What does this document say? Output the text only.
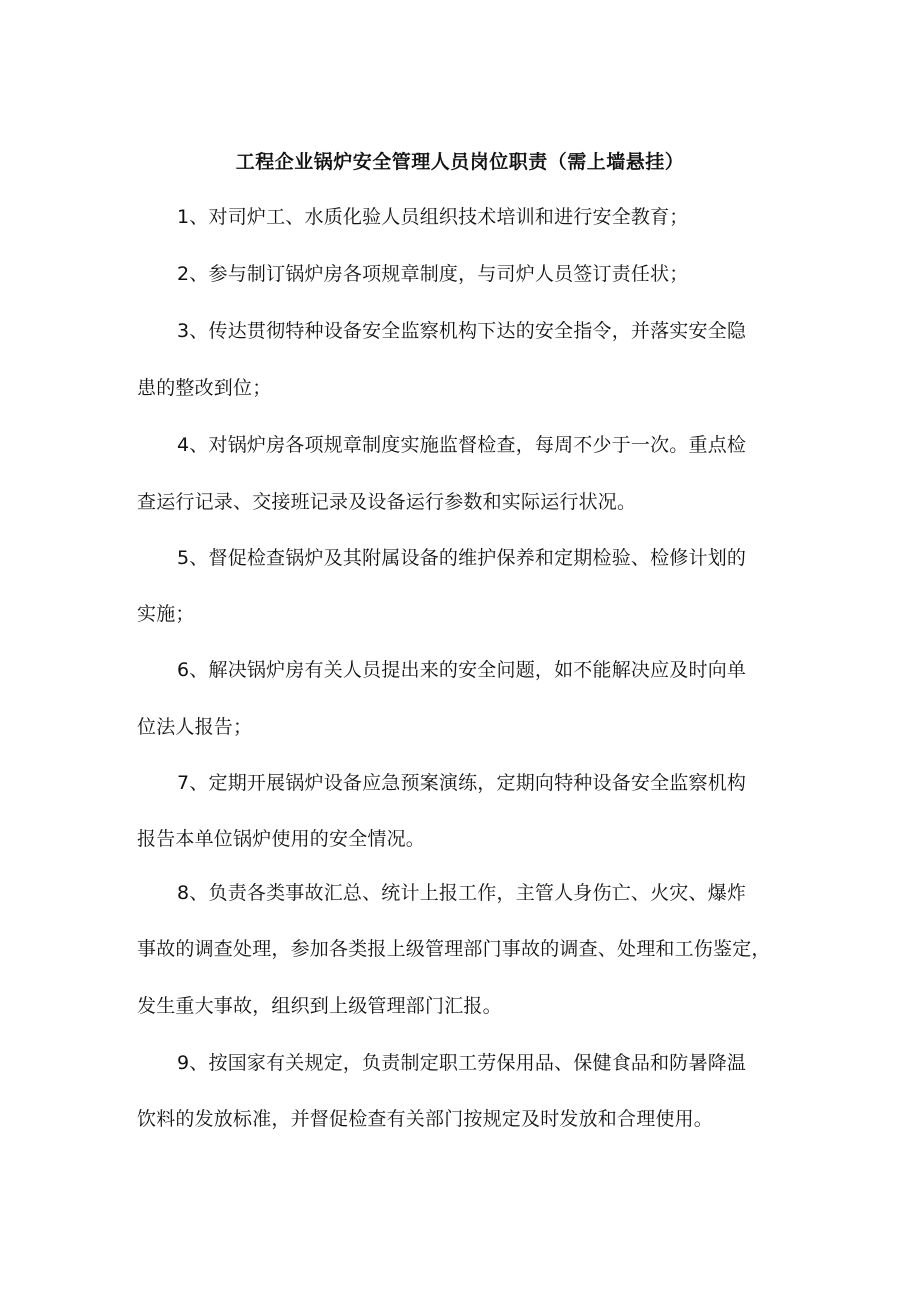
工程企业锅炉安全管理人员岗位职责（需上墙悬挂）
1、对司炉工、水质化验人员组织技术培训和进行安全教育；
2、参与制订锅炉房各项规章制度，与司炉人员签订责任状；
3、传达贯彻特种设备安全监察机构下达的安全指令，并落实安全隐
患的整改到位；
4、对锅炉房各项规章制度实施监督检查，每周不少于一次。重点检
查运行记录、交接班记录及设备运行参数和实际运行状况。
5、督促检查锅炉及其附属设备的维护保养和定期检验、检修计划的
实施；
6、解决锅炉房有关人员提出来的安全问题，如不能解决应及时向单
位法人报告；
7、定期开展锅炉设备应急预案演练，定期向特种设备安全监察机构
报告本单位锅炉使用的安全情况。
8、负责各类事故汇总、统计上报工作，主管人身伤亡、火灾、爆炸
事故的调查处理，参加各类报上级管理部门事故的调查、处理和工伤鉴定，
发生重大事故，组织到上级管理部门汇报。
9、按国家有关规定，负责制定职工劳保用品、保健食品和防暑降温
饮料的发放标准，并督促检查有关部门按规定及时发放和合理使用。
